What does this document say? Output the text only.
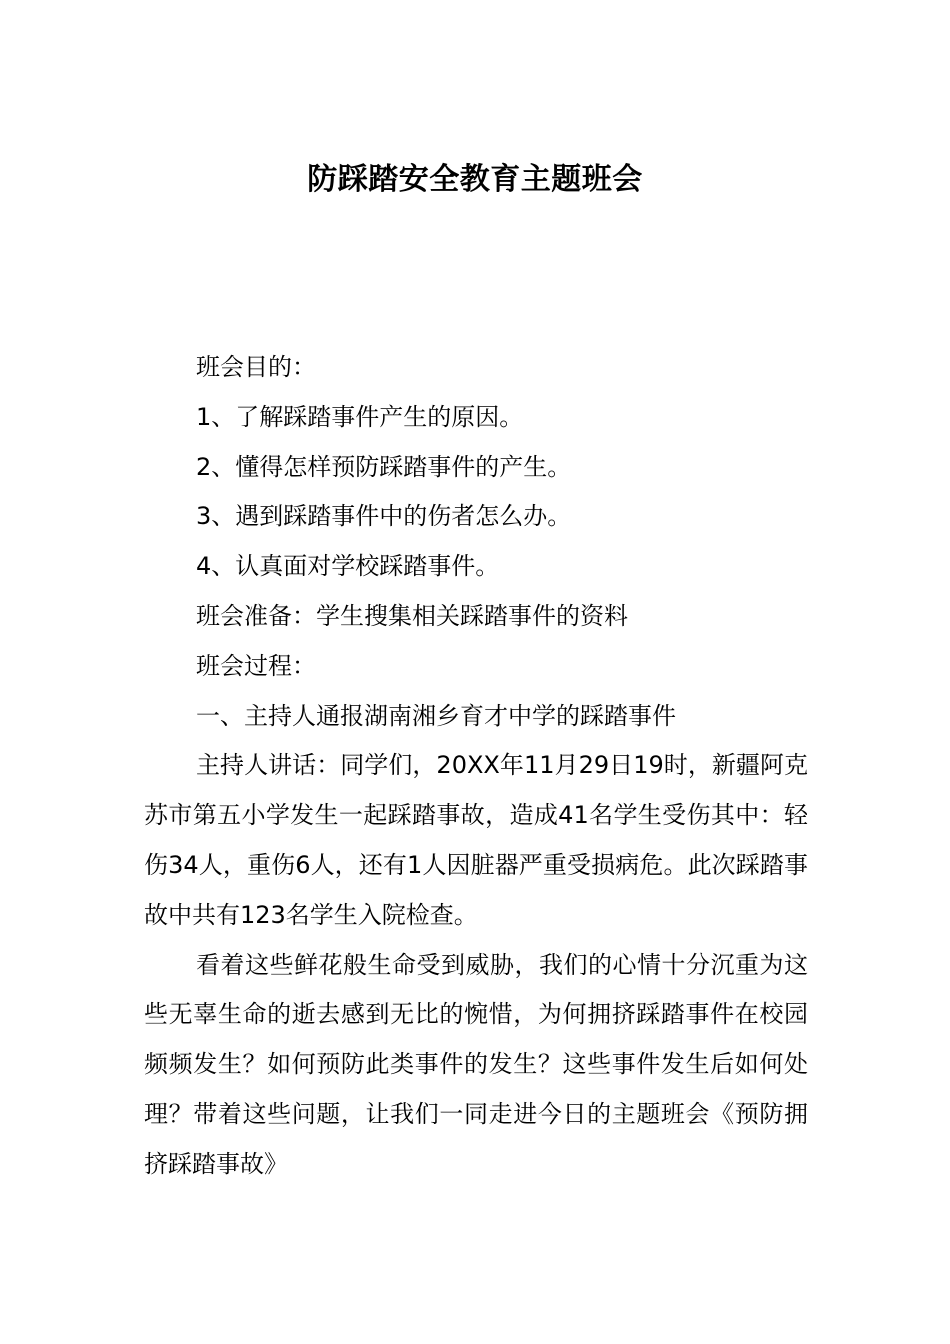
防踩踏安全教育主题班会

班会目的：

1、了解踩踏事件产生的原因。

2、懂得怎样预防踩踏事件的产生。

3、遇到踩踏事件中的伤者怎么办。

4、认真面对学校踩踏事件。

班会准备：学生搜集相关踩踏事件的资料

班会过程：

一、主持人通报湖南湘乡育才中学的踩踏事件

主持人讲话：同学们，20XX年11月29日19时，新疆阿克苏市第五小学发生一起踩踏事故，造成41名学生受伤其中：轻伤34人，重伤6人，还有1人因脏器严重受损病危。此次踩踏事故中共有123名学生入院检查。

看着这些鲜花般生命受到威胁，我们的心情十分沉重为这些无辜生命的逝去感到无比的惋惜，为何拥挤踩踏事件在校园频频发生？如何预防此类事件的发生？这些事件发生后如何处理？带着这些问题，让我们一同走进今日的主题班会《预防拥挤踩踏事故》
